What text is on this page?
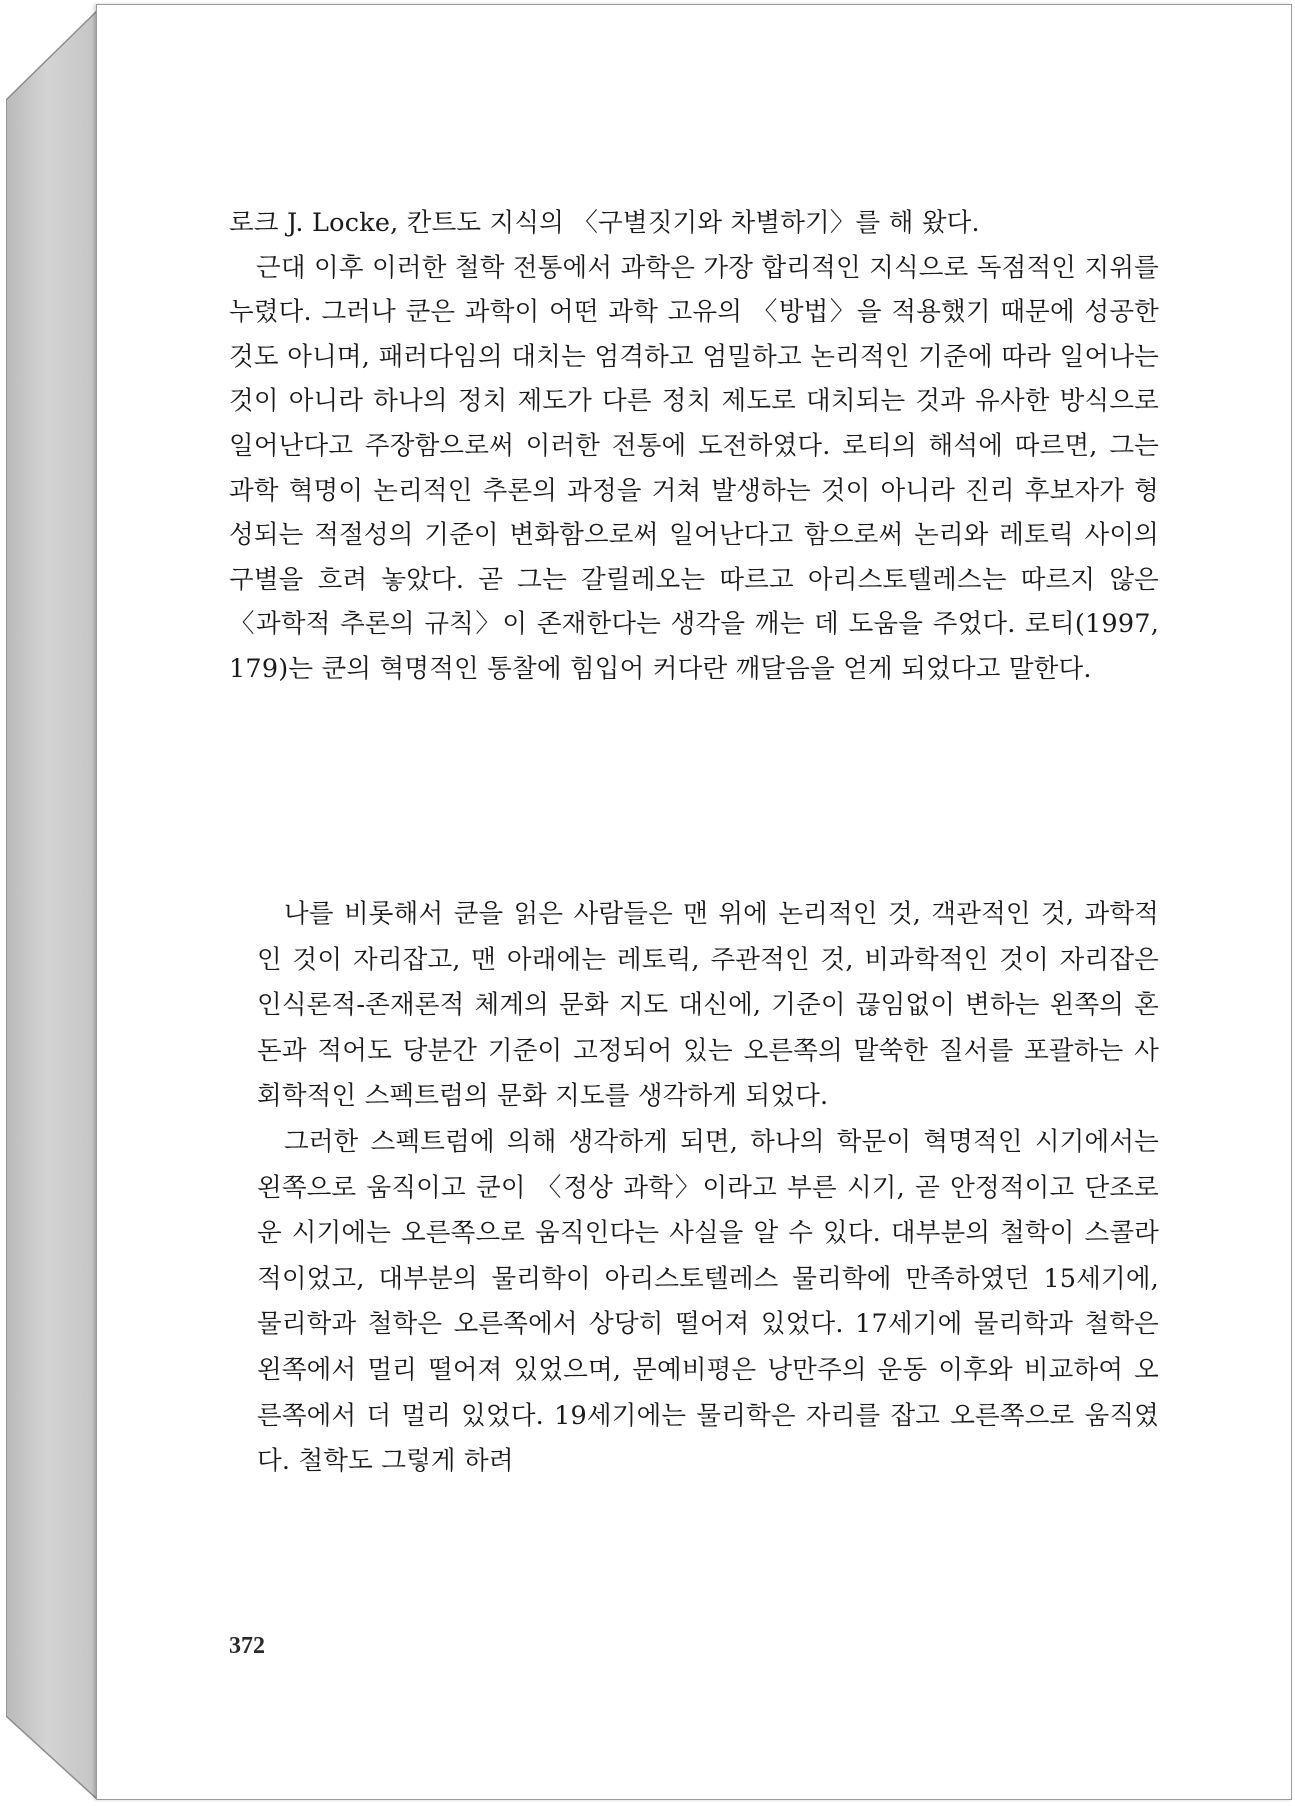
로크 J. Locke, 칸트도 지식의 〈구별짓기와 차별하기〉를 해 왔다.

근대 이후 이러한 철학 전통에서 과학은 가장 합리적인 지식으로 독점적인 지위를 누렸다. 그러나 쿤은 과학이 어떤 과학 고유의 〈방법〉을 적용했기 때문에 성공한 것도 아니며, 패러다임의 대치는 엄격하고 엄밀하고 논리적인 기준에 따라 일어나는 것이 아니라 하나의 정치 제도가 다른 정치 제도로 대치되는 것과 유사한 방식으로 일어난다고 주장함으로써 이러한 전통에 도전하였다. 로티의 해석에 따르면, 그는 과학 혁명이 논리적인 추론의 과정을 거쳐 발생하는 것이 아니라 진리 후보자가 형성되는 적절성의 기준이 변화함으로써 일어난다고 함으로써 논리와 레토릭 사이의 구별을 흐려 놓았다. 곧 그는 갈릴레오는 따르고 아리스토텔레스는 따르지 않은 〈과학적 추론의 규칙〉이 존재한다는 생각을 깨는 데 도움을 주었다. 로티(1997, 179)는 쿤의 혁명적인 통찰에 힘입어 커다란 깨달음을 얻게 되었다고 말한다.

나를 비롯해서 쿤을 읽은 사람들은 맨 위에 논리적인 것, 객관적인 것, 과학적인 것이 자리잡고, 맨 아래에는 레토릭, 주관적인 것, 비과학적인 것이 자리잡은 인식론적-존재론적 체계의 문화 지도 대신에, 기준이 끊임없이 변하는 왼쪽의 혼돈과 적어도 당분간 기준이 고정되어 있는 오른쪽의 말쑥한 질서를 포괄하는 사회학적인 스펙트럼의 문화 지도를 생각하게 되었다.

그러한 스펙트럼에 의해 생각하게 되면, 하나의 학문이 혁명적인 시기에서는 왼쪽으로 움직이고 쿤이 〈정상 과학〉이라고 부른 시기, 곧 안정적이고 단조로운 시기에는 오른쪽으로 움직인다는 사실을 알 수 있다. 대부분의 철학이 스콜라적이었고, 대부분의 물리학이 아리스토텔레스 물리학에 만족하였던 15세기에, 물리학과 철학은 오른쪽에서 상당히 떨어져 있었다. 17세기에 물리학과 철학은 왼쪽에서 멀리 떨어져 있었으며, 문예비평은 낭만주의 운동 이후와 비교하여 오른쪽에서 더 멀리 있었다. 19세기에는 물리학은 자리를 잡고 오른쪽으로 움직였다. 철학도 그렇게 하려

372
